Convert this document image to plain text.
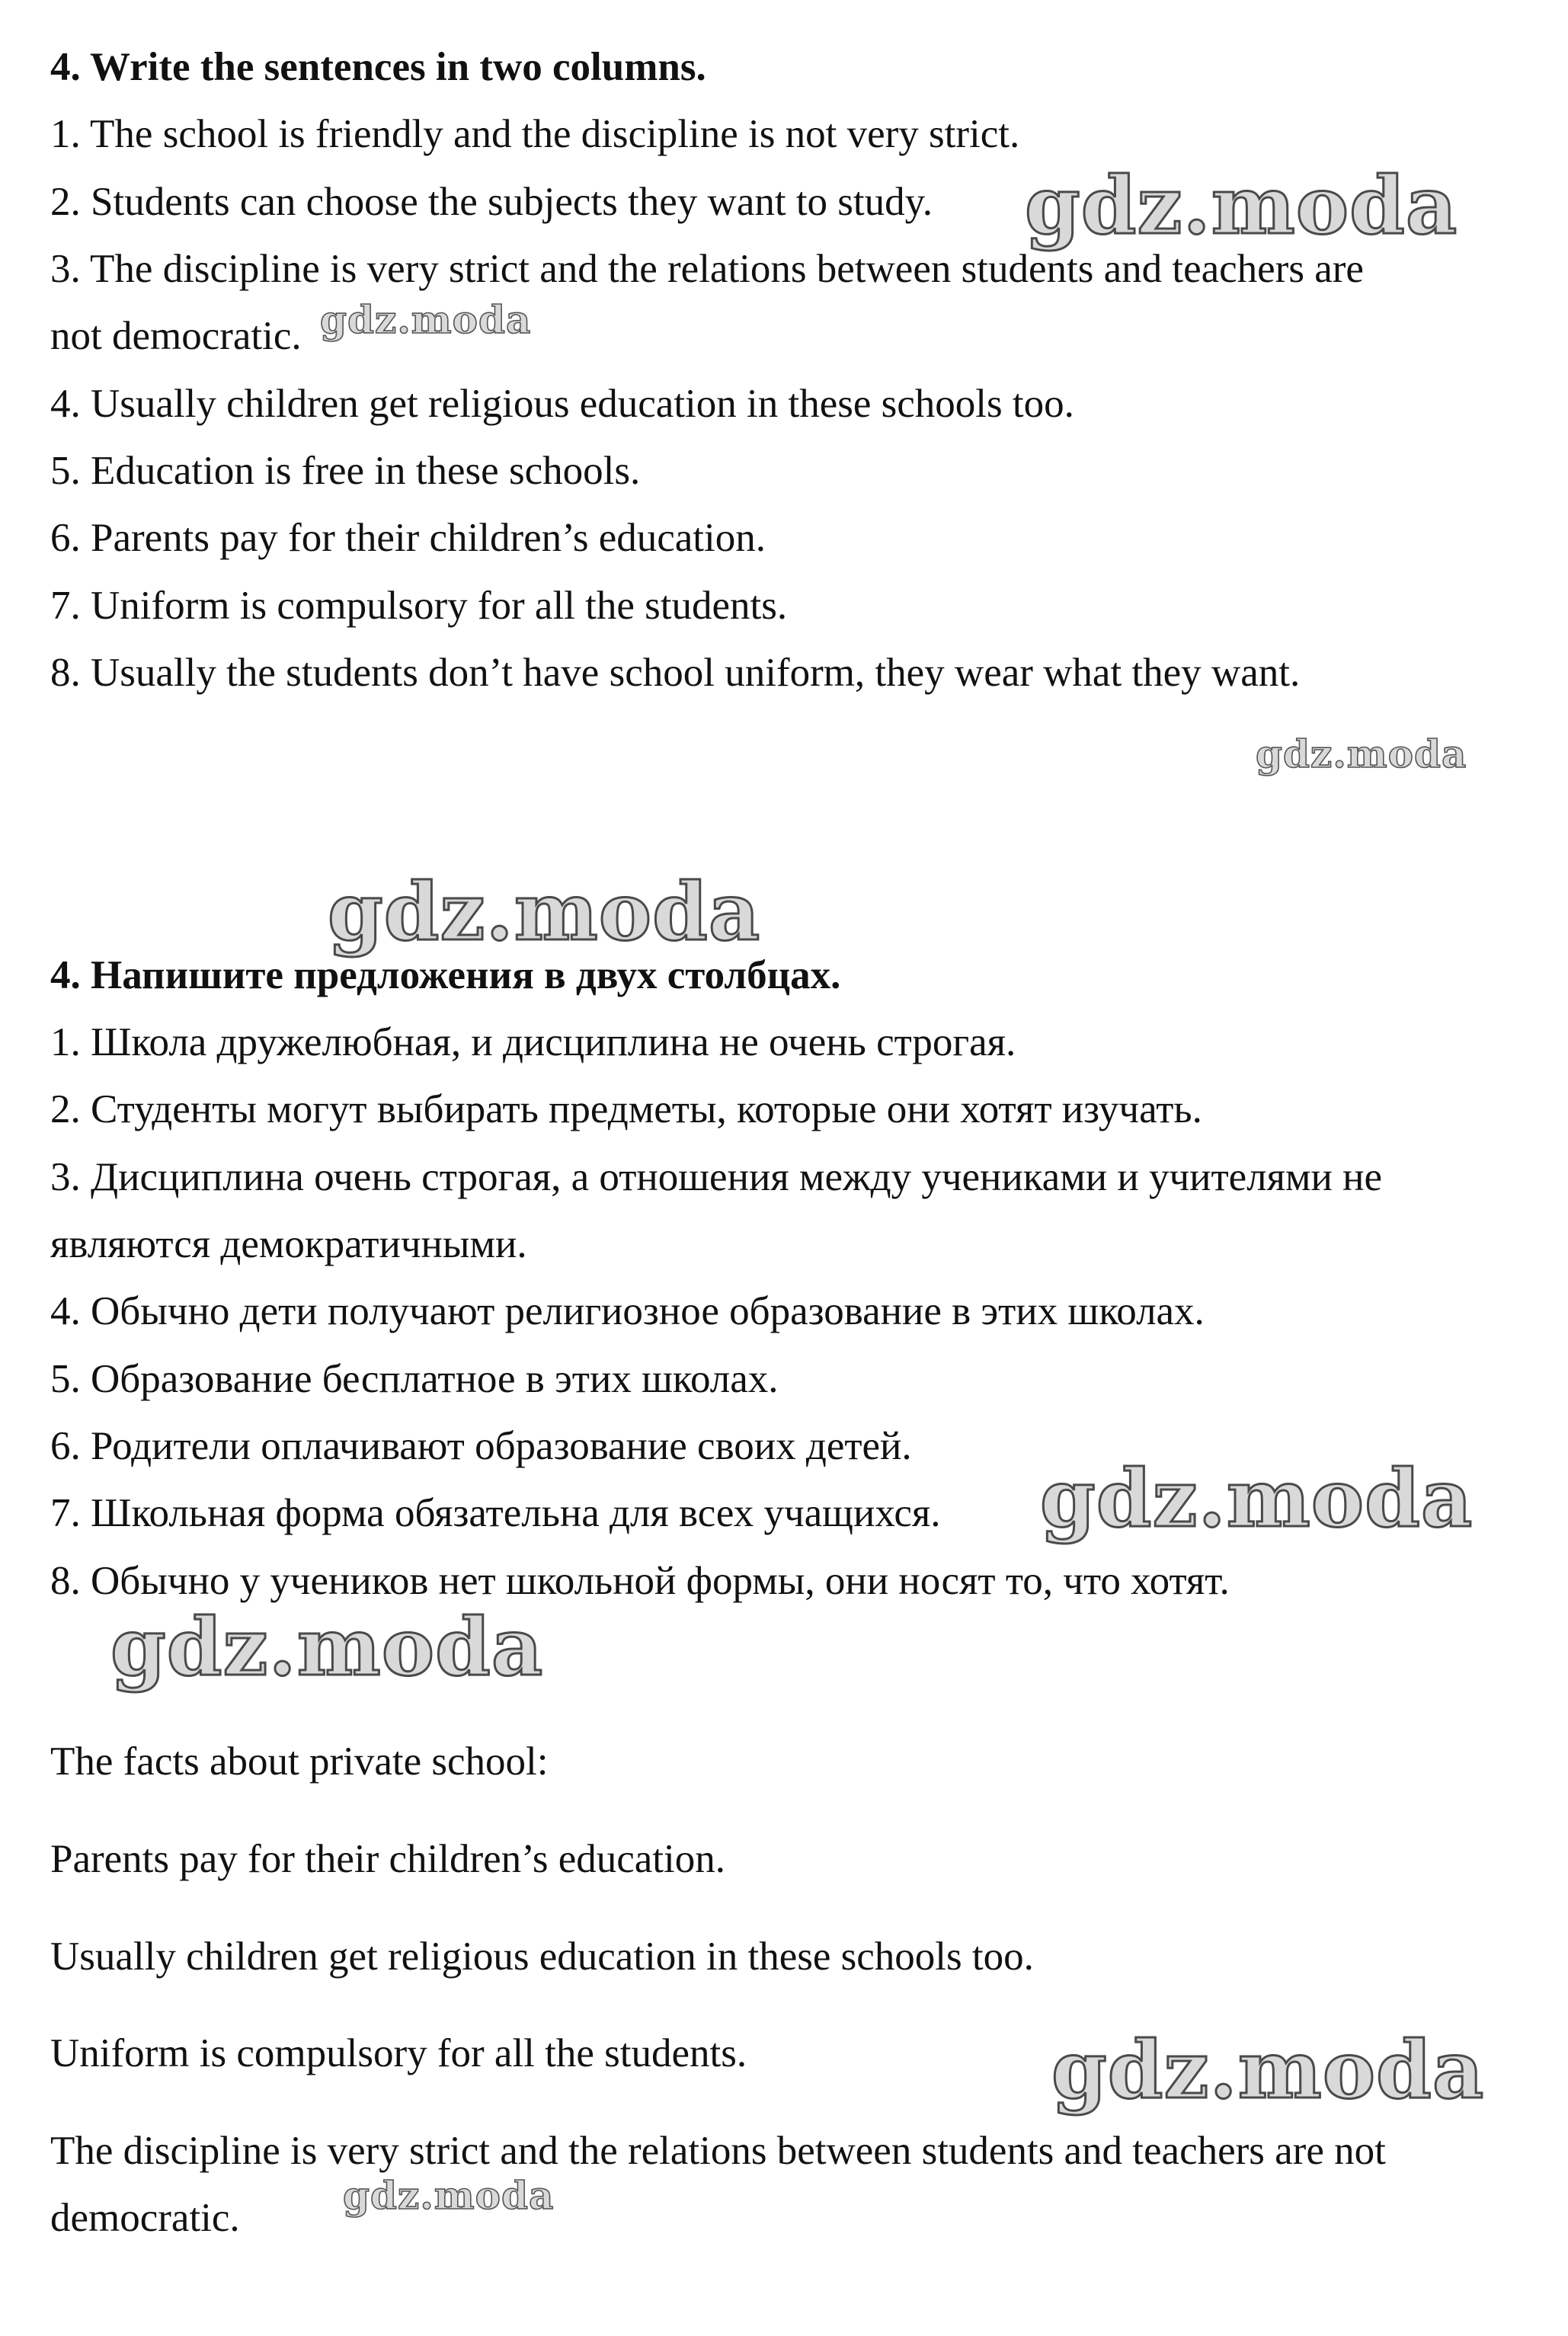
4. Write the sentences in two columns.
1. The school is friendly and the discipline is not very strict.
2. Students can choose the subjects they want to study.
3. The discipline is very strict and the relations between students and teachers are
not democratic.
4. Usually children get religious education in these schools too.
5. Education is free in these schools.
6. Parents pay for their children’s education.
7. Uniform is compulsory for all the students.
8. Usually the students don’t have school uniform, they wear what they want.
4. Напишите предложения в двух столбцах.
1. Школа дружелюбная, и дисциплина не очень строгая.
2. Студенты могут выбирать предметы, которые они хотят изучать.
3. Дисциплина очень строгая, а отношения между учениками и учителями не
являются демократичными.
4. Обычно дети получают религиозное образование в этих школах.
5. Образование бесплатное в этих школах.
6. Родители оплачивают образование своих детей.
7. Школьная форма обязательна для всех учащихся.
8. Обычно у учеников нет школьной формы, они носят то, что хотят.
The facts about private school:
Parents pay for their children’s education.
Usually children get religious education in these schools too.
Uniform is compulsory for all the students.
The discipline is very strict and the relations between students and teachers are not
democratic.
gdz.moda
gdz.moda
gdz.moda
gdz.moda
gdz.moda
gdz.moda
gdz.moda
gdz.moda
